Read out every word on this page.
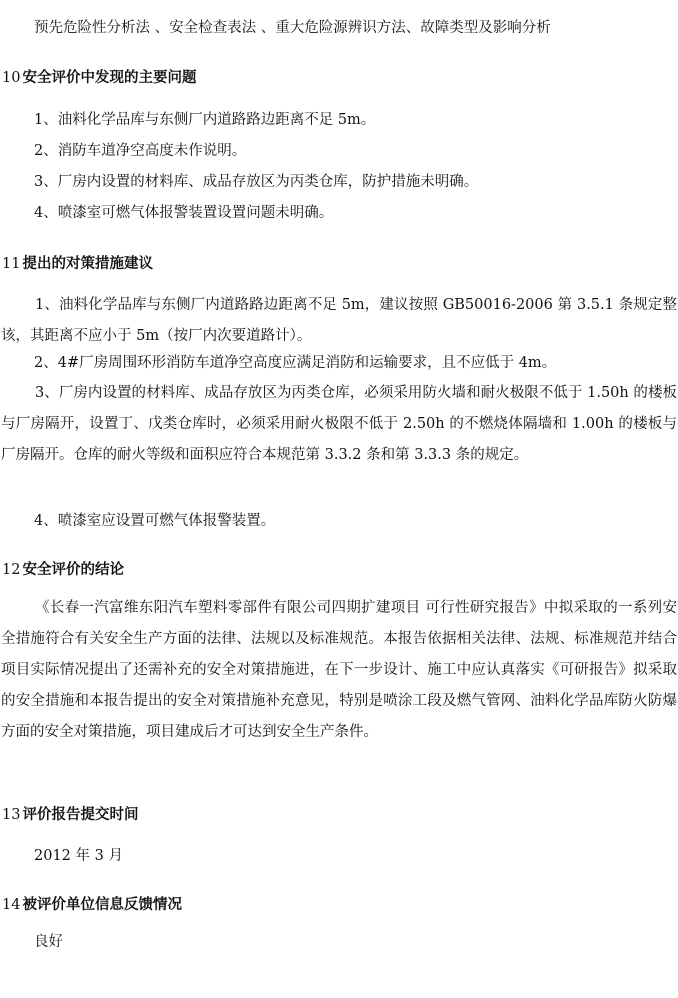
预先危险性分析法 、安全检查表法 、重大危险源辨识方法、故障类型及影响分析
10 安全评价中发现的主要问题
1、油料化学品库与东侧厂内道路路边距离不足 5m。
2、消防车道净空高度未作说明。
3、厂房内设置的材料库、成品存放区为丙类仓库，防护措施未明确。
4、喷漆室可燃气体报警装置设置问题未明确。
11 提出的对策措施建议
1、油料化学品库与东侧厂内道路路边距离不足 5m，建议按照 GB50016-2006 第 3.5.1 条规定整该，其距离不应小于 5m（按厂内次要道路计）。
2、4#厂房周围环形消防车道净空高度应满足消防和运输要求，且不应低于 4m。
3、厂房内设置的材料库、成品存放区为丙类仓库，必须采用防火墙和耐火极限不低于 1.50h 的楼板与厂房隔开，设置丁、戊类仓库时，必须采用耐火极限不低于 2.50h 的不燃烧体隔墙和 1.00h 的楼板与厂房隔开。仓库的耐火等级和面积应符合本规范第 3.3.2 条和第 3.3.3 条的规定。
4、喷漆室应设置可燃气体报警装置。
12 安全评价的结论
《长春一汽富维东阳汽车塑料零部件有限公司四期扩建项目 可行性研究报告》中拟采取的一系列安全措施符合有关安全生产方面的法律、法规以及标准规范。本报告依据相关法律、法规、标准规范并结合项目实际情况提出了还需补充的安全对策措施进，在下一步设计、施工中应认真落实《可研报告》拟采取的安全措施和本报告提出的安全对策措施补充意见，特别是喷涂工段及燃气管网、油料化学品库防火防爆方面的安全对策措施，项目建成后才可达到安全生产条件。
13 评价报告提交时间
2012 年 3 月
14 被评价单位信息反馈情况
良好
